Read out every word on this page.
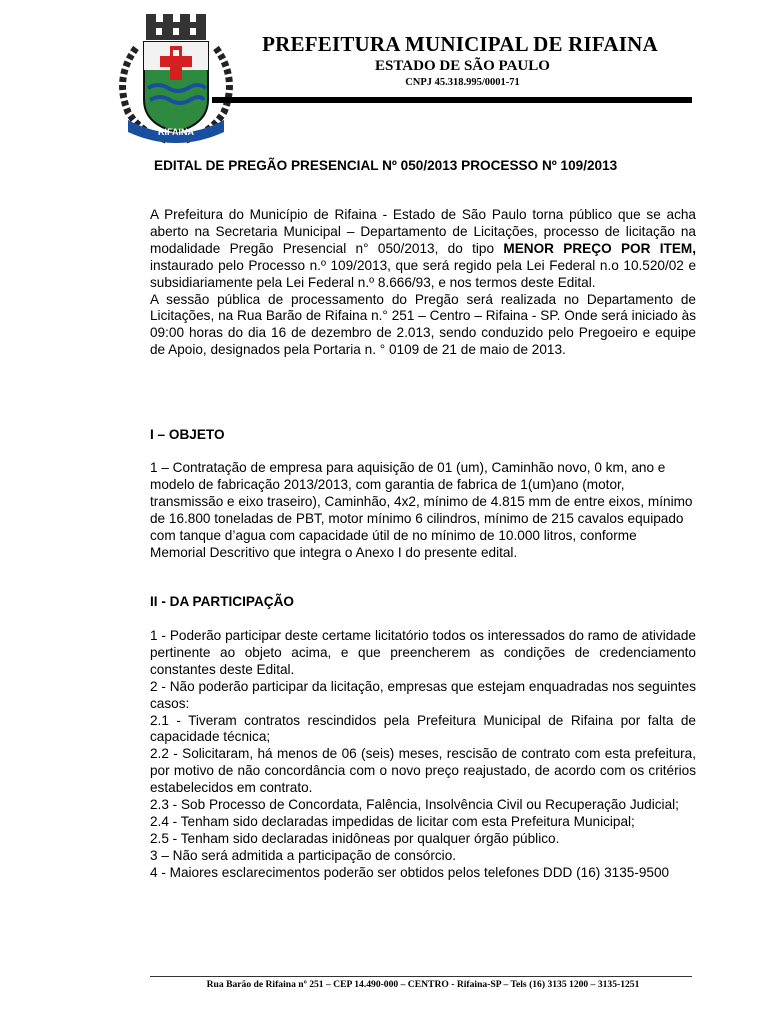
RIFAINA
PREFEITURA MUNICIPAL DE RIFAINA
ESTADO DE SÃO PAULO
CNPJ 45.318.995/0001-71
EDITAL DE PREGÃO PRESENCIAL Nº 050/2013 PROCESSO Nº 109/2013

A Prefeitura do Município de Rifaina - Estado de São Paulo torna público que se acha aberto na Secretaria Municipal – Departamento de Licitações, processo de licitação na modalidade Pregão Presencial n° 050/2013, do tipo MENOR PREÇO POR ITEM, instaurado pelo Processo n.º 109/2013, que será regido pela Lei Federal n.o 10.520/02 e subsidiariamente pela Lei Federal n.º 8.666/93, e nos termos deste Edital.

A sessão pública de processamento do Pregão será realizada no Departamento de Licitações, na Rua Barão de Rifaina n.° 251 – Centro – Rifaina - SP. Onde será iniciado às 09:00 horas do dia 16 de dezembro de 2.013, sendo conduzido pelo Pregoeiro e equipe de Apoio, designados pela Portaria n. ° 0109 de 21 de maio de 2013.

I – OBJETO

1 – Contratação de empresa para aquisição de 01 (um), Caminhão novo, 0 km, ano e modelo de fabricação 2013/2013, com garantia de fabrica de 1(um)ano (motor, transmissão e eixo traseiro), Caminhão, 4x2, mínimo de 4.815 mm de entre eixos, mínimo de 16.800 toneladas de PBT, motor mínimo 6 cilindros, mínimo de 215 cavalos equipado com tanque d’agua com capacidade útil de no mínimo de 10.000 litros, conforme Memorial Descritivo que integra o Anexo I do presente edital.

II - DA PARTICIPAÇÃO

1 - Poderão participar deste certame licitatório todos os interessados do ramo de atividade pertinente ao objeto acima, e que preencherem as condições de credenciamento constantes deste Edital.

2 - Não poderão participar da licitação, empresas que estejam enquadradas nos seguintes casos:

2.1 - Tiveram contratos rescindidos pela Prefeitura Municipal de Rifaina por falta de capacidade técnica;

2.2 - Solicitaram, há menos de 06 (seis) meses, rescisão de contrato com esta prefeitura, por motivo de não concordância com o novo preço reajustado, de acordo com os critérios estabelecidos em contrato.

2.3 - Sob Processo de Concordata, Falência, Insolvência Civil ou Recuperação Judicial;

2.4 - Tenham sido declaradas impedidas de licitar com esta Prefeitura Municipal;

2.5 - Tenham sido declaradas inidôneas por qualquer órgão público.

3 – Não será admitida a participação de consórcio.

4 - Maiores esclarecimentos poderão ser obtidos pelos telefones DDD (16) 3135-9500

Rua Barão de Rifaina nº 251 – CEP 14.490-000 – CENTRO - Rifaina-SP – Tels (16) 3135 1200 – 3135-1251
